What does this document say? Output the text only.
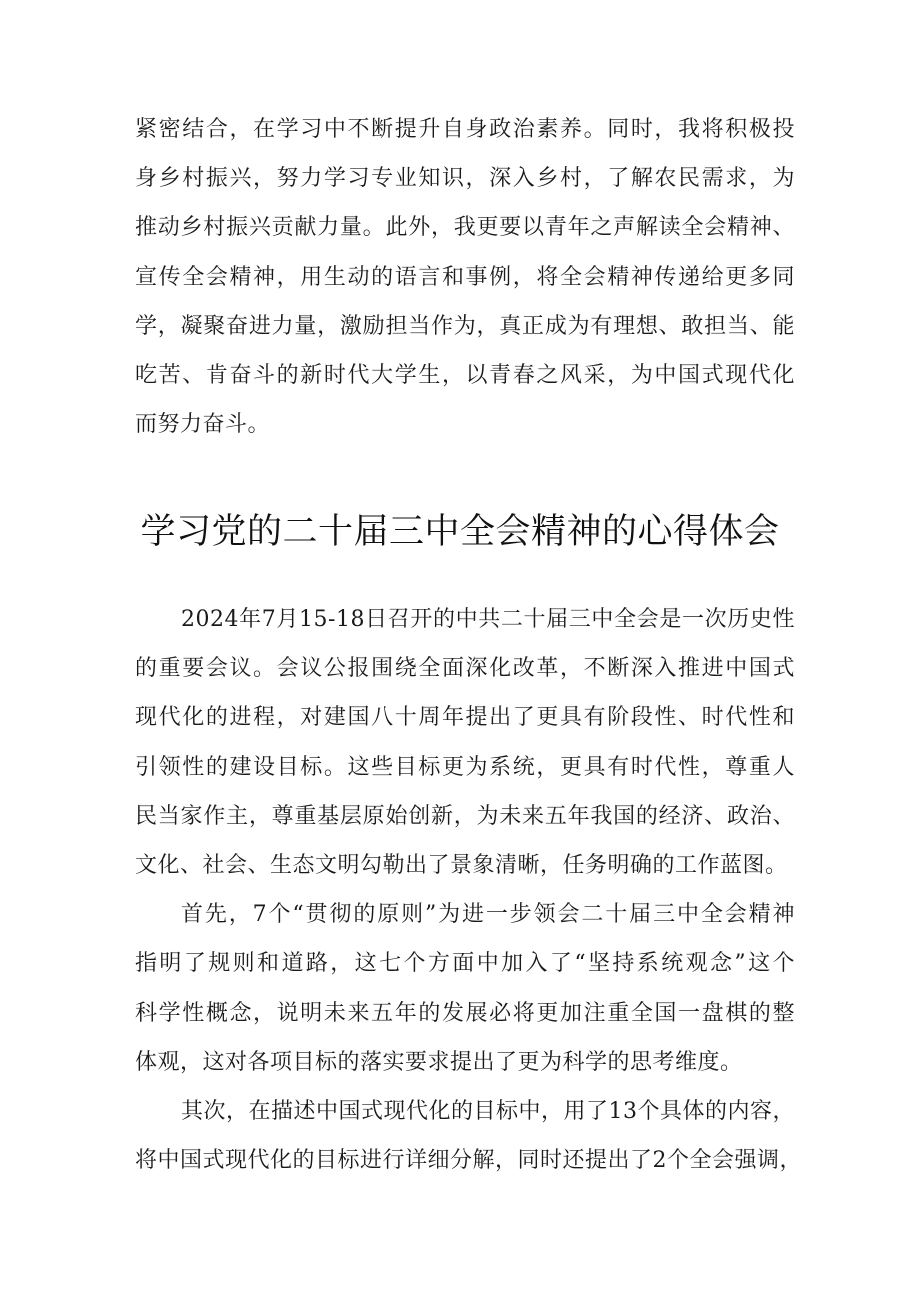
紧密结合，在学习中不断提升自身政治素养。同时，我将积极投
身乡村振兴，努力学习专业知识，深入乡村，了解农民需求，为
推动乡村振兴贡献力量。此外，我更要以青年之声解读全会精神、
宣传全会精神，用生动的语言和事例，将全会精神传递给更多同
学，凝聚奋进力量，激励担当作为，真正成为有理想、敢担当、能
吃苦、肯奋斗的新时代大学生，以青春之风采，为中国式现代化
而努力奋斗。
学习党的二十届三中全会精神的心得体会
2024年7月15-18日召开的中共二十届三中全会是一次历史性
的重要会议。会议公报围绕全面深化改革，不断深入推进中国式
现代化的进程，对建国八十周年提出了更具有阶段性、时代性和
引领性的建设目标。这些目标更为系统，更具有时代性，尊重人
民当家作主，尊重基层原始创新，为未来五年我国的经济、政治、
文化、社会、生态文明勾勒出了景象清晰，任务明确的工作蓝图。
首先，7个“贯彻的原则”为进一步领会二十届三中全会精神
指明了规则和道路，这七个方面中加入了“坚持系统观念”这个
科学性概念，说明未来五年的发展必将更加注重全国一盘棋的整
体观，这对各项目标的落实要求提出了更为科学的思考维度。
其次，在描述中国式现代化的目标中，用了13个具体的内容，
将中国式现代化的目标进行详细分解，同时还提出了2个全会强调，
